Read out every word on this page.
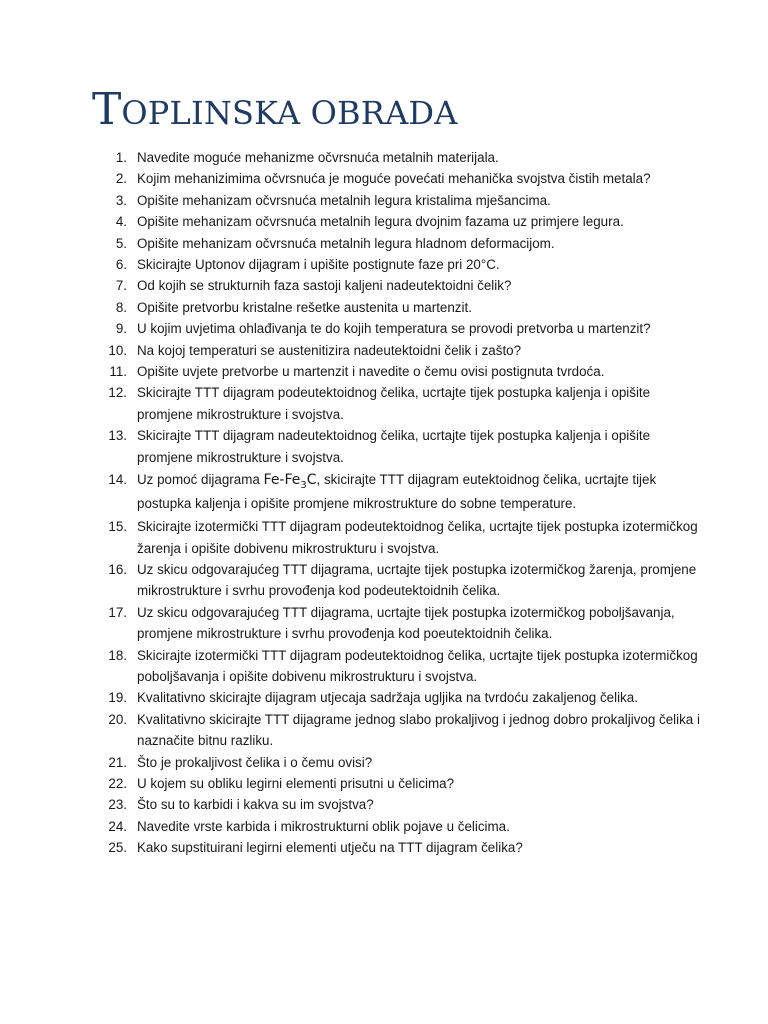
TOPLINSKA OBRADA
1. Navedite moguće mehanizme očvrsnuća metalnih materijala.
2. Kojim mehanizimima očvrsnuća je moguće povećati mehanička svojstva čistih metala?
3. Opišite mehanizam očvrsnuća metalnih legura kristalima mješancima.
4. Opišite mehanizam očvrsnuća metalnih legura dvojnim fazama uz primjere legura.
5. Opišite mehanizam očvrsnuća metalnih legura hladnom deformacijom.
6. Skicirajte Uptonov dijagram i upišite postignute faze pri 20°C.
7. Od kojih se strukturnih faza sastoji kaljeni nadeutektoidni čelik?
8. Opišite pretvorbu kristalne rešetke austenita u martenzit.
9. U kojim uvjetima ohlađivanja te do kojih temperatura se provodi pretvorba u martenzit?
10. Na kojoj temperaturi se austenitizira nadeutektoidni čelik i zašto?
11. Opišite uvjete pretvorbe u martenzit i navedite o čemu ovisi postignuta tvrdoća.
12. Skicirajte TTT dijagram podeutektoidnog čelika, ucrtajte tijek postupka kaljenja i opišite promjene mikrostrukture i svojstva.
13. Skicirajte TTT dijagram nadeutektoidnog čelika, ucrtajte tijek postupka kaljenja i opišite promjene mikrostrukture i svojstva.
14. Uz pomoć dijagrama $Fe-Fe_3C$, skicirajte TTT dijagram eutektoidnog čelika, ucrtajte tijek postupka kaljenja i opišite promjene mikrostrukture do sobne temperature.
15. Skicirajte izotermički TTT dijagram podeutektoidnog čelika, ucrtajte tijek postupka izotermičkog žarenja i opišite dobivenu mikrostrukturu i svojstva.
16. Uz skicu odgovarajućeg TTT dijagrama, ucrtajte tijek postupka izotermičkog žarenja, promjene mikrostrukture i svrhu provođenja kod podeutektoidnih čelika.
17. Uz skicu odgovarajućeg TTT dijagrama, ucrtajte tijek postupka izotermičkog poboljšavanja, promjene mikrostrukture i svrhu provođenja kod poeutektoidnih čelika.
18. Skicirajte izotermički TTT dijagram podeutektoidnog čelika, ucrtajte tijek postupka izotermičkog poboljšavanja i opišite dobivenu mikrostrukturu i svojstva.
19. Kvalitativno skicirajte dijagram utjecaja sadržaja ugljika na tvrdoću zakaljenog čelika.
20. Kvalitativno skicirajte TTT dijagrame jednog slabo prokaljivog i jednog dobro prokaljivog čelika i naznačite bitnu razliku.
21. Što je prokaljivost čelika i o čemu ovisi?
22. U kojem su obliku legirni elementi prisutni u čelicima?
23. Što su to karbidi i kakva su im svojstva?
24. Navedite vrste karbida i mikrostrukturni oblik pojave u čelicima.
25. Kako supstituirani legirni elementi utječu na TTT dijagram čelika?
